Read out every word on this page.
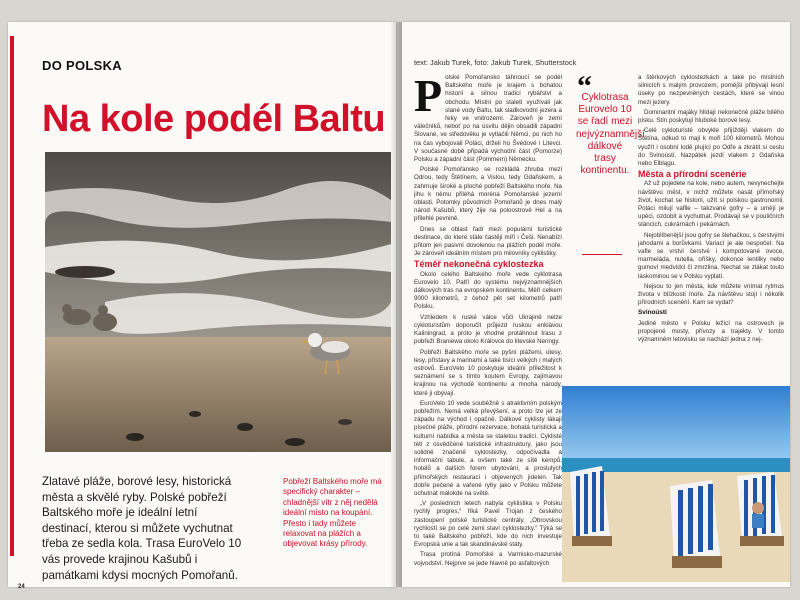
DO POLSKA
Na kole podél Baltu
Zlatavé pláže, borové lesy, historická města a skvělé ryby. Polské pobřeží Baltského moře je ideální letní destinací, kterou si můžete vychutnat třeba ze sedla kola. Trasa EuroVelo 10 vás provede krajinou Kašubů i památkami kdysi mocných Pomořanů.
Pobřeží Baltského moře má specifický charakter – chladnější vítr z něj nedělá ideální místo na koupání. Přesto i tady můžete relaxovat na plážích a objevovat krásy přírody.
24
text: Jakub Turek, foto: Jakub Turek, Shutterstock
P olské Pomořansko táhnoucí se podél Baltského moře je krajem s bohatou historií a silnou tradicí rybářství a obchodu. Místní po staletí využívali jak slané vody Baltu, tak sladkovodní jezera a řeky ve vnitrozemí. Zároveň je zemí válečníků, neboť po na úsvitu dějin obsadili západní Slované, ve středověku je vytlačili Němci, po nich ho na čas vybojovali Poláci, drželi ho Švédové i Litevci. V současné době připadá východní část (Pomorze) Polsku a západní část (Pommern) Německu.

Polské Pomořansko se rozkládá zhruba mezi Odrou, tedy Štětínem, a Vislou, tedy Gdaňskem, a zahrnuje široké a ploché pobřeží Baltského moře. Na jihu k němu přiléhá moréna Pomořanské jezerní oblasti. Potomky původních Pomořanů je dnes malý národ Kašubů, který žije na poloostrově Hel a na přilehlé pevnině.

Dnes se oblast řadí mezi populární turistické destinace, do které stále častěji míří i Češi. Nenabízí přitom jen pasivní dovolenou na plážích podél moře. Je zároveň ideálním místem pro milovníky cyklistiky.

Téměř nekonečná cyklostezka

Okolo celého Baltského moře vede cyklotrasa Eurovelo 10. Patří do systému nejvýznamnějších dálkových tras na evropském kontinentu. Měří celkem 9000 kilometrů, z čehož pět set kilometrů patří Polsku.

Vzhledem k ruské válce vůči Ukrajině nelze cykloturistům doporučit průjezd ruskou enklávou Kaliningrad, a proto je vhodné protáhnout trasu z pobřeží Braniewa okolo Královce do litevské Neringy.

Pobřeží Baltského moře se pyšní plážemi, útesy, lesy, přístavy a marinami a také tisíci velkých i malých ostrovů. EuroVelo 10 poskytuje ideální příležitost k seznámení se s tímto koutem Evropy, zajímavou krajinou na východě kontinentu a mnoha národy, které ji obývají.

EuroVelo 10 vede souběžně s atraktivním polským pobřežím. Nemá velká převýšení, a proto lze jet ze západu na východ i opačně. Dálkové cyklisty lákají písečné pláže, přírodní rezervace, bohatá turistická a kulturní nabídka a města se staletou tradicí. Cyklisté tétí z osvědčené turistické infrastruktury, jako jsou solidně značené cyklostezky, odpočívadla a informační tabule, a ovšem také ze sítě kempů, hotelů a dalších forem ubytování, a proslulých přímořských restaurací i objevených jídelen. Tak dobře pečené a vařené ryby jako v Polsku můžete ochutnat málokde na světě.

„V posledních letech nabyla cyklistika v Polsku rychlý progres,“ říká Pavel Trojan z českého zastoupení polské turistické centrály. „Obrovskou rychlostí se po celé zemi staví cyklostezky.“ Týká se to také Baltského pobřeží, kde do nich investuje Evropská unie a tak skandinávské státy.

Trasa protíná Pomořské a Varmisko-mazurské vojvodství. Nejprve se jede hlavně po asfaltových

“
Cyklotrasa Eurovelo 10 se řadí mezi nejvýznamnější dálkové trasy kontinentu.

a štěrkových cyklostezkách a také po místních silnicích s malým provozem, pomější přibývají lesní úseky po nezpevněných cestách, které se vinou mezi jezery.

Dominantní majáky hlídají nekonečné pláže bílého písku. Stín poskytují hluboké borové lesy.

Celé cykloturisté obvykle přijíždějí vlakem do Štětína, odkud to mají k moři 100 kilometrů. Mohou využít i osobní lodě plující po Odře a zkrátit si cestu do Svinoústí. Nazpátek jezdí vlakem z Gdaňska nebo Elblągu.

Města a přírodní scenérie

Až už pojedete na kole, nebo autem, nevynechejte návštěvu měst, v nichž můžete nasát přímořský život, kochat se historií, užít si polskou gastronomii. Poláci milují vaflle – takzvané gofry – a umějí je upéci, ozdobit a vychutnat. Prodávají se v pouličních stáncích, cukrárnách i pekárnách.

Nejoblíbenější jsou gofry se šlehačkou, s čerstvými jahodami a borůvkami. Variací je ale nespočet. Na vafle se vrství čerstvé i kompotované ovoce, marmeláda, nutella, oříšky, dokonce lentilky nebo gumoví medvídci či zmrzlina. Nechat se zlákat touto laskominou se v Polsku vyplatí.

Nejsou to jen města, kde můžete vnímat rytmus života v blízkosti moře. Za návštěvu stojí i několik přírodních scenérií. Kam se vydat?

Svinoústí

Jediné město v Polsku ležící na ostrovech je propojené mosty, přívozy a trajekty. V tomto významném letovisku se nachází jedna z nej-
